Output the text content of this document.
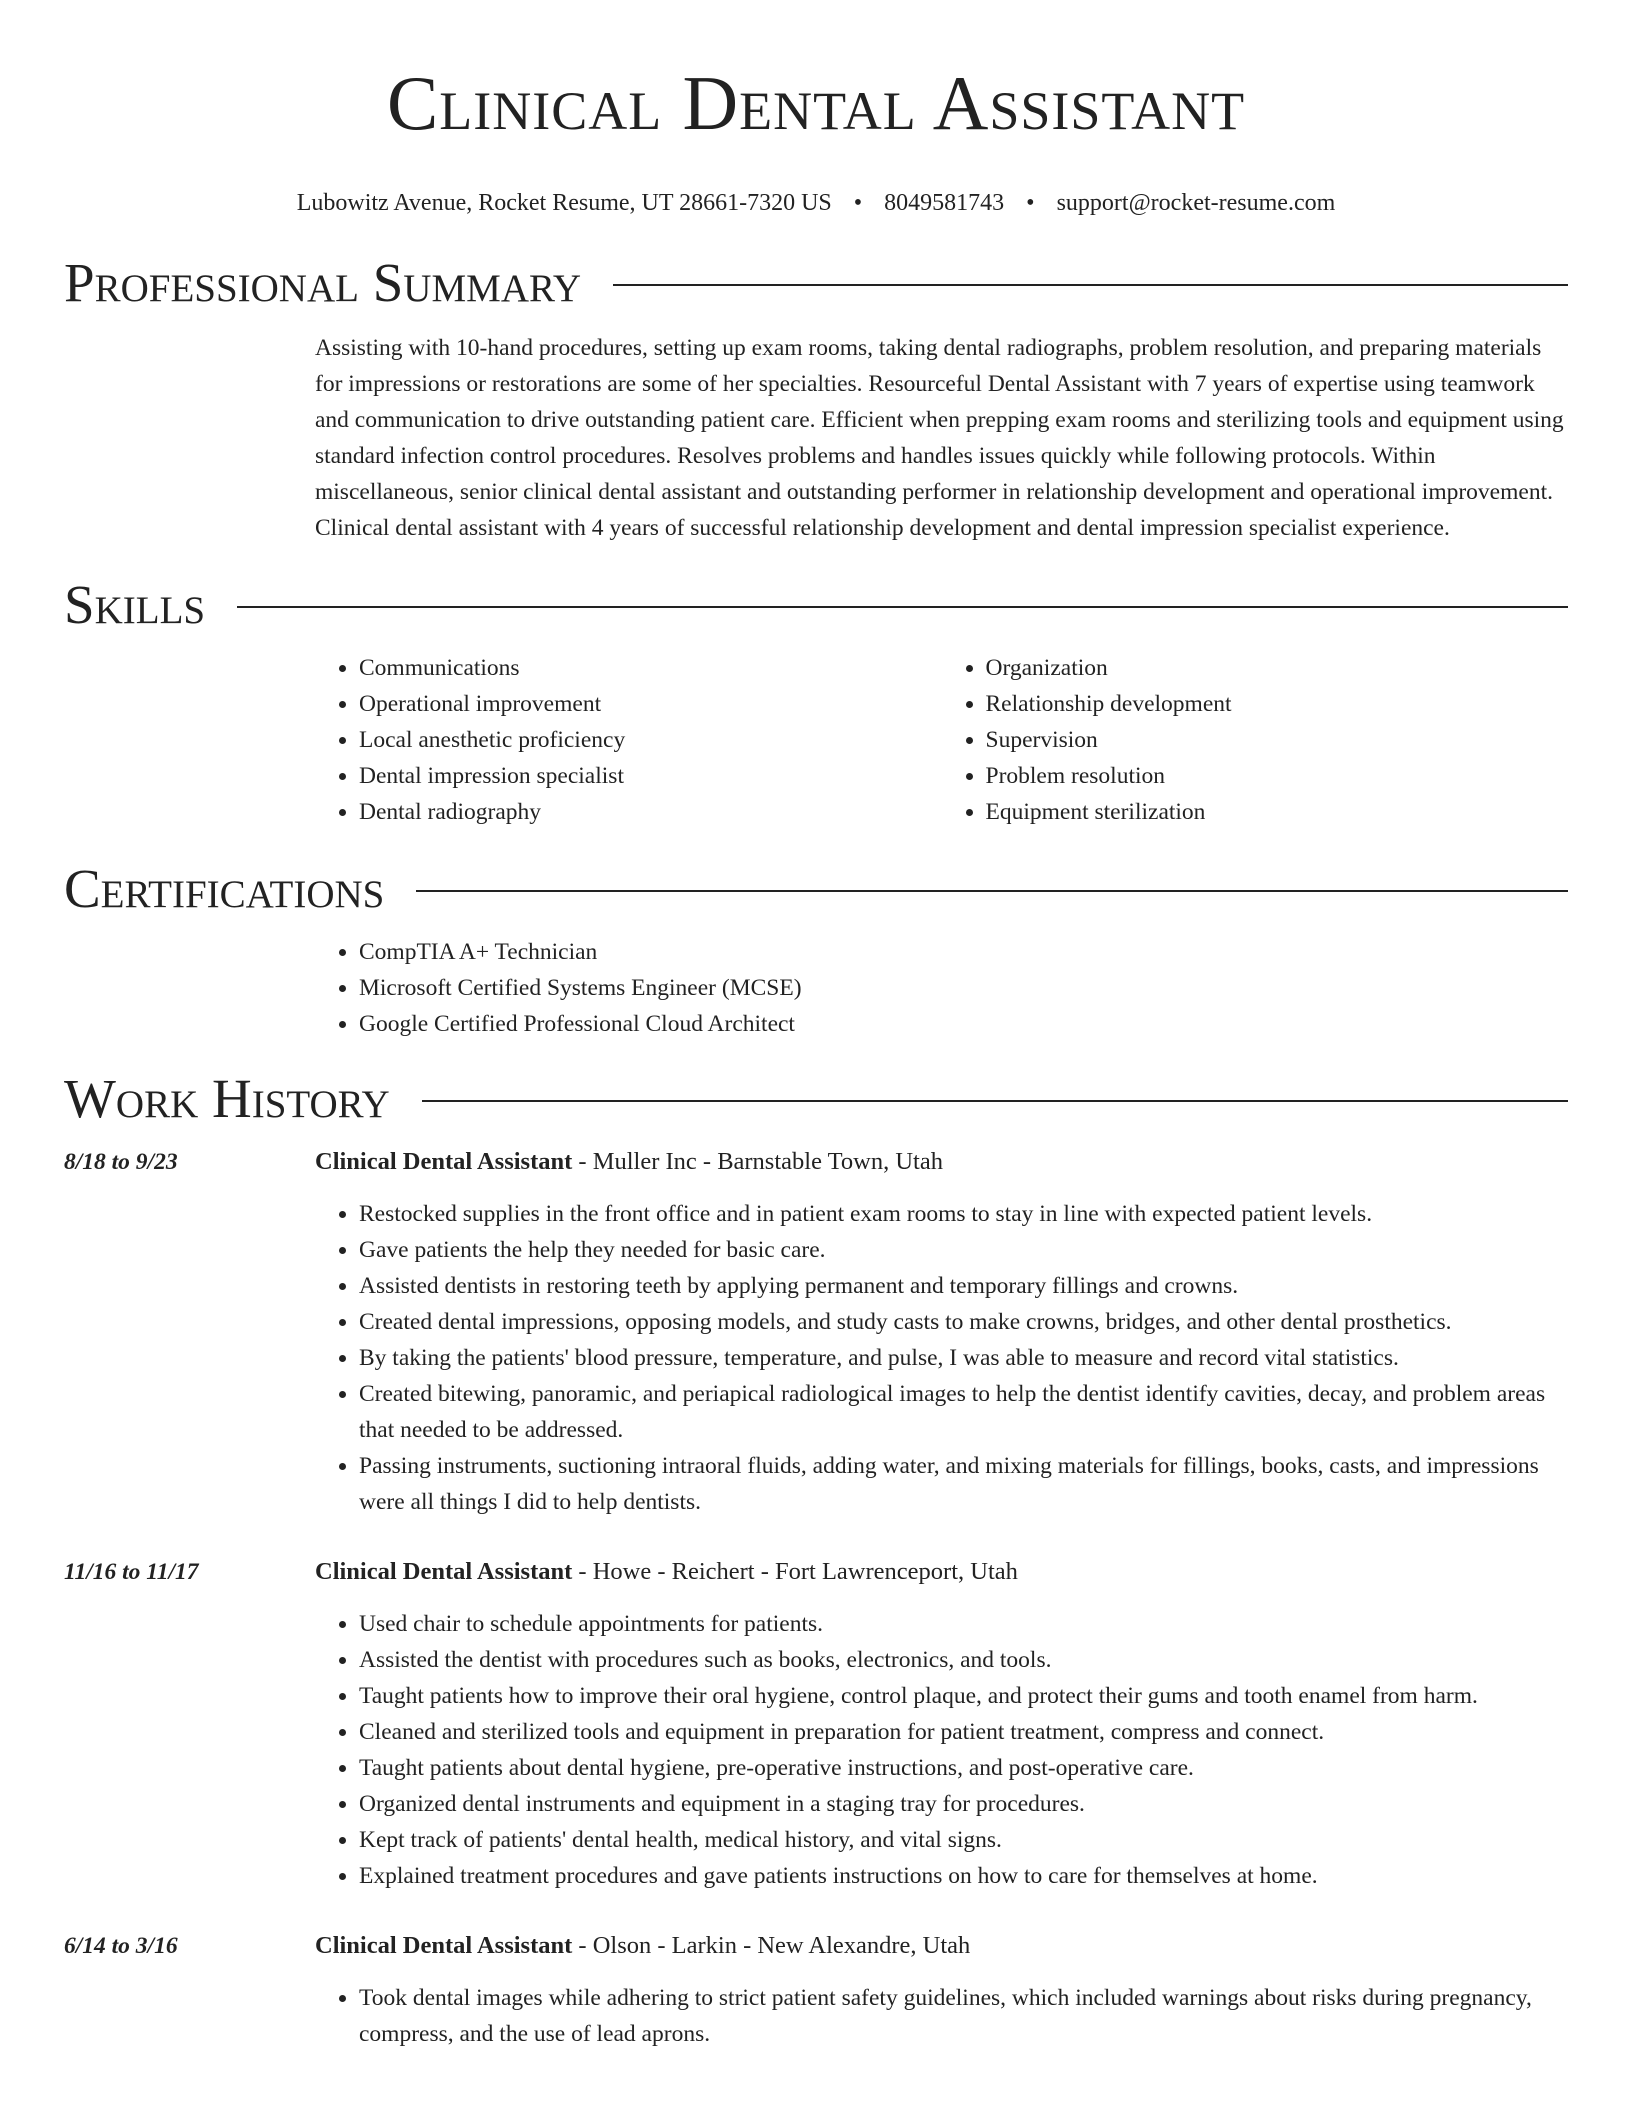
Clinical Dental Assistant
Lubowitz Avenue, Rocket Resume, UT 28661-7320 US • 8049581743 • support@rocket-resume.com
Professional Summary

Assisting with 10-hand procedures, setting up exam rooms, taking dental radiographs, problem resolution, and preparing materials for impressions or restorations are some of her specialties. Resourceful Dental Assistant with 7 years of expertise using teamwork and communication to drive outstanding patient care. Efficient when prepping exam rooms and sterilizing tools and equipment using standard infection control procedures. Resolves problems and handles issues quickly while following protocols. Within miscellaneous, senior clinical dental assistant and outstanding performer in relationship development and operational improvement. Clinical dental assistant with 4 years of successful relationship development and dental impression specialist experience.

Skills
• Communications
• Operational improvement
• Local anesthetic proficiency
• Dental impression specialist
• Dental radiography
• Organization
• Relationship development
• Supervision
• Problem resolution
• Equipment sterilization
Certifications
• CompTIA A+ Technician
• Microsoft Certified Systems Engineer (MCSE)
• Google Certified Professional Cloud Architect
Work History
8/18 to 9/23	Clinical Dental Assistant - Muller Inc - Barnstable Town, Utah
• Restocked supplies in the front office and in patient exam rooms to stay in line with expected patient levels.
• Gave patients the help they needed for basic care.
• Assisted dentists in restoring teeth by applying permanent and temporary fillings and crowns.
• Created dental impressions, opposing models, and study casts to make crowns, bridges, and other dental prosthetics.
• By taking the patients' blood pressure, temperature, and pulse, I was able to measure and record vital statistics.
• Created bitewing, panoramic, and periapical radiological images to help the dentist identify cavities, decay, and problem areas that needed to be addressed.
• Passing instruments, suctioning intraoral fluids, adding water, and mixing materials for fillings, books, casts, and impressions were all things I did to help dentists.
11/16 to 11/17	Clinical Dental Assistant - Howe - Reichert - Fort Lawrenceport, Utah
• Used chair to schedule appointments for patients.
• Assisted the dentist with procedures such as books, electronics, and tools.
• Taught patients how to improve their oral hygiene, control plaque, and protect their gums and tooth enamel from harm.
• Cleaned and sterilized tools and equipment in preparation for patient treatment, compress and connect.
• Taught patients about dental hygiene, pre-operative instructions, and post-operative care.
• Organized dental instruments and equipment in a staging tray for procedures.
• Kept track of patients' dental health, medical history, and vital signs.
• Explained treatment procedures and gave patients instructions on how to care for themselves at home.
6/14 to 3/16	Clinical Dental Assistant - Olson - Larkin - New Alexandre, Utah
• Took dental images while adhering to strict patient safety guidelines, which included warnings about risks during pregnancy, compress, and the use of lead aprons.
